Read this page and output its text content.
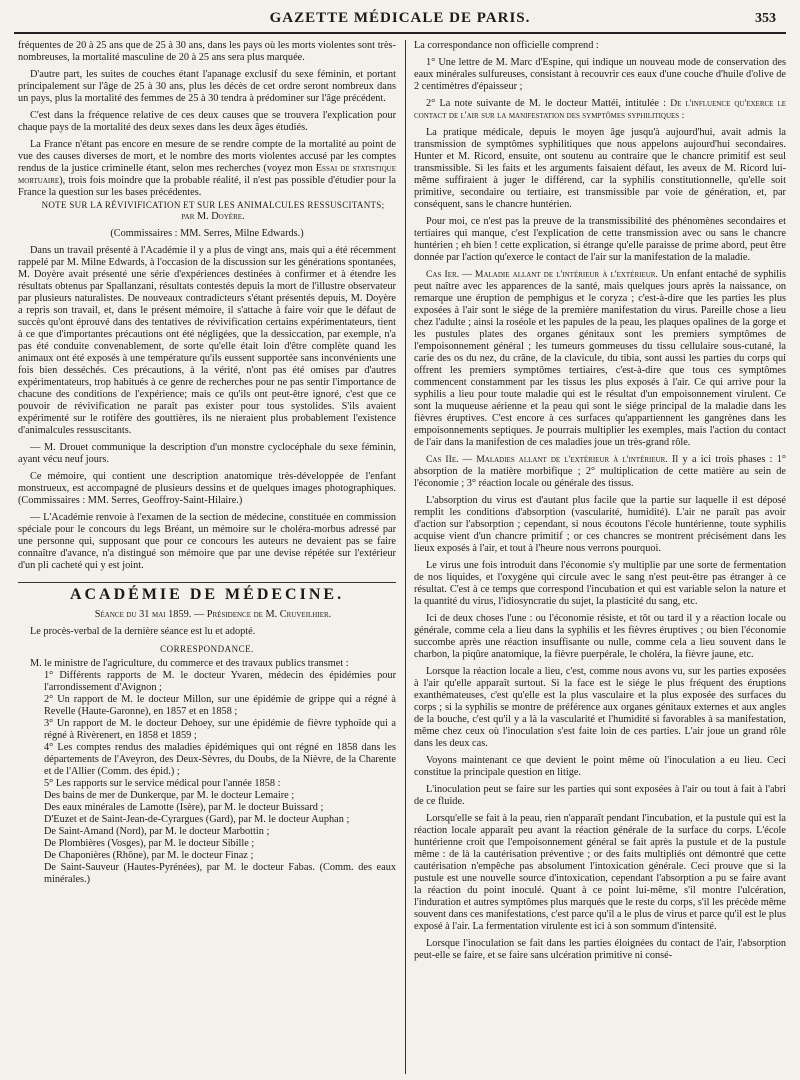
GAZETTE MÉDICALE DE PARIS.	353

fréquentes de 20 à 25 ans que de 25 à 30 ans, dans les pays où les morts violentes sont très-nombreuses, la mortalité masculine de 20 à 25 ans sera plus marquée.

D'autre part, les suites de couches étant l'apanage exclusif du sexe féminin, et portant principalement sur l'âge de 25 à 30 ans, plus les décès de cet ordre seront nombreux dans un pays, plus la mortalité des femmes de 25 à 30 tendra à prédominer sur l'âge précédent.

C'est dans la fréquence relative de ces deux causes que se trouvera l'explication pour chaque pays de la mortalité des deux sexes dans les deux âges étudiés.

La France n'étant pas encore en mesure de se rendre compte de la mortalité au point de vue des causes diverses de mort, et le nombre des morts violentes accusé par les comptes rendus de la justice criminelle étant, selon mes recherches (voyez mon Essai de statistique mortuaire), trois fois moindre que la probable réalité, il n'est pas possible d'étudier pour la France la question sur les bases précédentes.

NOTE SUR LA RÉVIVIFICATION ET SUR LES ANIMALCULES RESSUSCITANTS;

par M. Doyère.

(Commissaires : MM. Serres, Milne Edwards.)

Dans un travail présenté à l'Académie il y a plus de vingt ans, mais qui a été récemment rappelé par M. Milne Edwards, à l'occasion de la discussion sur les générations spontanées, M. Doyère avait présenté une série d'expériences destinées à confirmer et à étendre les résultats obtenus par Spallanzani, résultats contestés depuis la mort de l'illustre observateur par plusieurs naturalistes. De nouveaux contradicteurs s'étant présentés depuis, M. Doyère a repris son travail, et, dans le présent mémoire, il s'attache à faire voir que le défaut de succès qu'ont éprouvé dans des tentatives de révivification certains expérimentateurs, tient à ce que d'importantes précautions ont été négligées, que la dessiccation, par exemple, n'a pas été conduite convenablement, de sorte qu'elle était loin d'être complète quand les animaux ont été exposés à une température qu'ils eussent supportée sans inconvénients une fois bien desséchés. Ces précautions, à la vérité, n'ont pas été omises par d'autres expérimentateurs, trop habitués à ce genre de recherches pour ne pas sentir l'importance de chacune des conditions de l'expérience; mais ce qu'ils ont peut-être ignoré, c'est que ce pouvoir de révivification ne paraît pas exister pour tous systolides. S'ils avaient expérimenté sur le rotifère des gouttières, ils ne nieraient plus probablement l'existence d'animalcules ressuscitants.

— M. Drouet communique la description d'un monstre cyclocéphale du sexe féminin, ayant vécu neuf jours.

Ce mémoire, qui contient une description anatomique très-développée de l'enfant monstrueux, est accompagné de plusieurs dessins et de quelques images photographiques. (Commissaires : MM. Serres, Geoffroy-Saint-Hilaire.)

— L'Académie renvoie à l'examen de la section de médecine, constituée en commission spéciale pour le concours du legs Bréant, un mémoire sur le choléra-morbus adressé par une personne qui, supposant que pour ce concours les auteurs ne devaient pas se faire connaître d'avance, n'a distingué son mémoire que par une devise répétée sur l'extérieur d'un pli cacheté qui y est joint.

ACADÉMIE DE MÉDECINE.

Séance du 31 mai 1859. — Présidence de M. Cruveilhier.

Le procès-verbal de la dernière séance est lu et adopté.

CORRESPONDANCE.

M. le ministre de l'agriculture, du commerce et des travaux publics transmet :

1° Différents rapports de M. le docteur Yvaren, médecin des épidémies pour l'arrondissement d'Avignon ;
2° Un rapport de M. le docteur Millon, sur une épidémie de grippe qui a régné à Revelle (Haute-Garonne), en 1857 et en 1858 ;
3° Un rapport de M. le docteur Dehoey, sur une épidémie de fièvre typhoïde qui a régné à Rivèrenert, en 1858 et 1859 ;
4° Les comptes rendus des maladies épidémiques qui ont régné en 1858 dans les départements de l'Aveyron, des Deux-Sèvres, du Doubs, de la Nièvre, de la Charente et de l'Allier (Comm. des épid.) ;
5° Les rapports sur le service médical pour l'année 1858 :
Des bains de mer de Dunkerque, par M. le docteur Lemaire ;
Des eaux minérales de Lamotte (Isère), par M. le docteur Buissard ;
D'Euzet et de Saint-Jean-de-Cyrargues (Gard), par M. le docteur Auphan ;
De Saint-Amand (Nord), par M. le docteur Marbottin ;
De Plombières (Vosges), par M. le docteur Sibille ;
De Chaponières (Rhône), par M. le docteur Finaz ;
De Saint-Sauveur (Hautes-Pyrénées), par M. le docteur Fabas. (Comm. des eaux minérales.)

La correspondance non officielle comprend :

1° Une lettre de M. Marc d'Espine, qui indique un nouveau mode de conservation des eaux minérales sulfureuses, consistant à recouvrir ces eaux d'une couche d'huile d'olive de 2 centimètres d'épaisseur ;

2° La note suivante de M. le docteur Mattéi, intitulée : De l'influence qu'exerce le contact de l'air sur la manifestation des symptômes syphilitiques :

La pratique médicale, depuis le moyen âge jusqu'à aujourd'hui, avait admis la transmission de symptômes syphilitiques que nous appelons aujourd'hui secondaires. Hunter et M. Ricord, ensuite, ont soutenu au contraire que le chancre primitif est seul transmissible. Si les faits et les arguments faisaient défaut, les aveux de M. Ricord lui-même suffiraient à juger le différend, car la syphilis constitutionnelle, qu'elle soit primitive, secondaire ou tertiaire, est transmissible par voie de génération, et, par conséquent, sans le chancre huntérien.

Pour moi, ce n'est pas la preuve de la transmissibilité des phénomènes secondaires et tertiaires qui manque, c'est l'explication de cette transmission avec ou sans le chancre huntérien ; eh bien ! cette explication, si étrange qu'elle paraisse de prime abord, peut être donnée par l'action qu'exerce le contact de l'air sur la manifestation de la maladie.

Cas Ier. — Maladie allant de l'intérieur à l'extérieur. Un enfant entaché de syphilis peut naître avec les apparences de la santé, mais quelques jours après la naissance, on remarque une éruption de pemphigus et le coryza ; c'est-à-dire que les parties les plus exposées à l'air sont le siége de la première manifestation du virus. Pareille chose a lieu chez l'adulte ; ainsi la roséole et les papules de la peau, les plaques opalines de la gorge et les pustules plates des organes génitaux sont les premiers symptômes de l'empoisonnement général ; les tumeurs gommeuses du tissu cellulaire sous-cutané, la carie des os du nez, du crâne, de la clavicule, du tibia, sont aussi les parties du corps qui offrent les premiers symptômes tertiaires, c'est-à-dire que tous ces symptômes commencent constamment par les tissus les plus exposés à l'air. Ce qui arrive pour la syphilis a lieu pour toute maladie qui est le résultat d'un empoisonnement virulent. Ce sont la muqueuse aérienne et la peau qui sont le siége principal de la maladie dans les fièvres éruptives. C'est encore à ces surfaces qu'appartiennent les gangrènes dans les empoisonnements septiques. Je pourrais multiplier les exemples, mais l'action du contact de l'air dans la manifestion de ces maladies joue un très-grand rôle.

Cas IIe. — Maladies allant de l'extérieur à l'intérieur. Il y a ici trois phases : 1° absorption de la matière morbifique ; 2° multiplication de cette matière au sein de l'économie ; 3° réaction locale ou générale des tissus.

L'absorption du virus est d'autant plus facile que la partie sur laquelle il est déposé remplit les conditions d'absorption (vascularité, humidité). L'air ne paraît pas avoir d'action sur l'absorption ; cependant, si nous écoutons l'école huntérienne, toute syphilis acquise vient d'un chancre primitif ; or ces chancres se montrent précisément dans les lieux exposés à l'air, et tout à l'heure nous verrons pourquoi.

Le virus une fois introduit dans l'économie s'y multiplie par une sorte de fermentation de nos liquides, et l'oxygène qui circule avec le sang n'est peut-être pas étranger à ce résultat. C'est à ce temps que correspond l'incubation et qui est variable selon la nature et la quantité du virus, l'idiosyncratie du sujet, la plasticité du sang, etc.

Ici de deux choses l'une : ou l'économie résiste, et tôt ou tard il y a réaction locale ou générale, comme cela a lieu dans la syphilis et les fièvres éruptives ; ou bien l'économie succombe après une réaction insuffisante ou nulle, comme cela a lieu souvent dans le charbon, la piqûre anatomique, la fièvre puerpérale, le choléra, la fièvre jaune, etc.

Lorsque la réaction locale a lieu, c'est, comme nous avons vu, sur les parties exposées à l'air qu'elle apparaît surtout. Si la face est le siége le plus fréquent des éruptions exanthémateuses, c'est qu'elle est la plus vasculaire et la plus exposée des surfaces du corps ; si la syphilis se montre de préférence aux organes génitaux externes et aux angles de la bouche, c'est qu'il y a là la vascularité et l'humidité si favorables à sa manifestation, même chez ceux où l'inoculation s'est faite loin de ces parties. L'air joue un grand rôle dans les deux cas.

Voyons maintenant ce que devient le point même où l'inoculation a eu lieu. Ceci constitue la principale question en litige.

L'inoculation peut se faire sur les parties qui sont exposées à l'air ou tout à fait à l'abri de ce fluide.

Lorsqu'elle se fait à la peau, rien n'apparaît pendant l'incubation, et la pustule qui est la réaction locale apparaît peu avant la réaction générale de la surface du corps. L'école huntérienne croit que l'empoisonnement général se fait après la pustule et de la pustule même : de là la cautérisation préventive ; or des faits multipliés ont démontré que cette cautérisation n'empêche pas absolument l'intoxication générale. Ceci prouve que si la pustule est une nouvelle source d'intoxication, cependant l'absorption a pu se faire avant la réaction du point inoculé. Quant à ce point lui-même, s'il montre l'ulcération, l'induration et autres symptômes plus marqués que le reste du corps, s'il les précède même souvent dans ces manifestations, c'est parce qu'il a le plus de virus et parce qu'il est le plus exposé à l'air. La fermentation virulente est ici à son sommum d'intensité.

Lorsque l'inoculation se fait dans les parties éloignées du contact de l'air, l'absorption peut-elle se faire, et se faire sans ulcération primitive ni consé-
